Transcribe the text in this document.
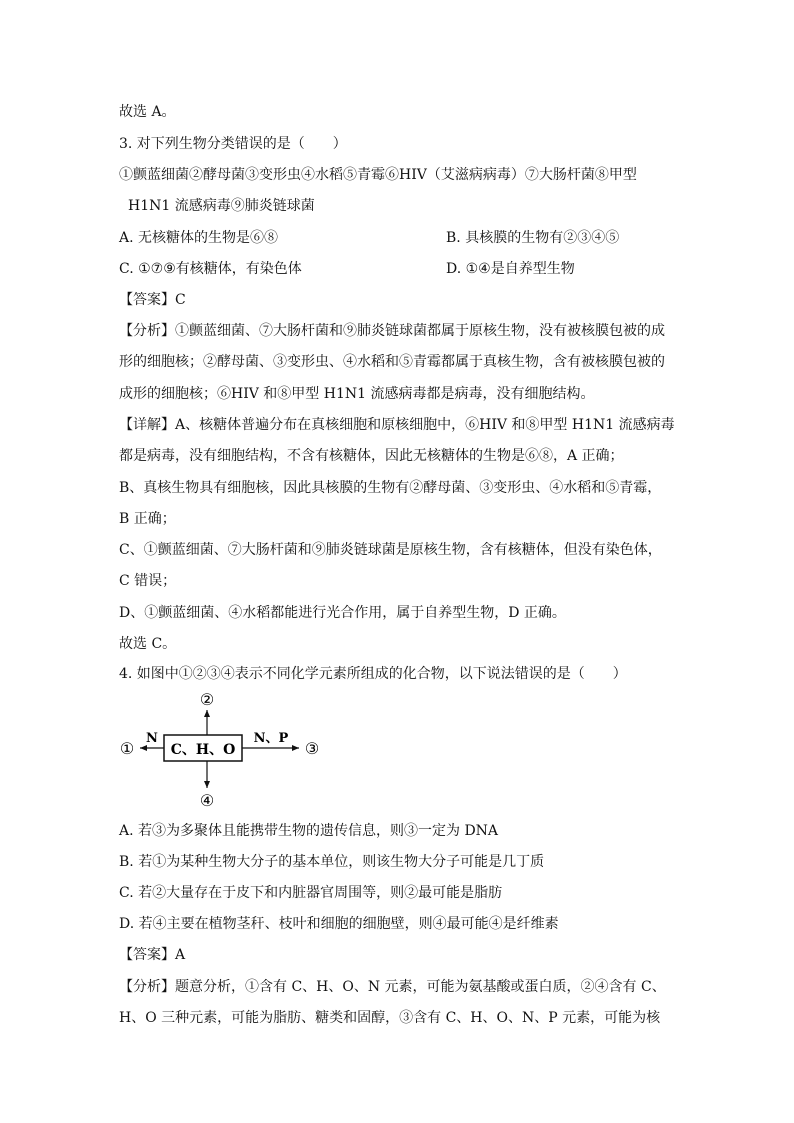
故选 A。
3. 对下列生物分类错误的是（　　）
①颤蓝细菌②酵母菌③变形虫④水稻⑤青霉⑥HIV（艾滋病病毒）⑦大肠杆菌⑧甲型
H1N1 流感病毒⑨肺炎链球菌
A. 无核糖体的生物是⑥⑧	B. 具核膜的生物有②③④⑤
C. ①⑦⑨有核糖体，有染色体	D. ①④是自养型生物
【答案】C
【分析】①颤蓝细菌、⑦大肠杆菌和⑨肺炎链球菌都属于原核生物，没有被核膜包被的成
形的细胞核；②酵母菌、③变形虫、④水稻和⑤青霉都属于真核生物，含有被核膜包被的
成形的细胞核；⑥HIV 和⑧甲型 H1N1 流感病毒都是病毒，没有细胞结构。
【详解】A、核糖体普遍分布在真核细胞和原核细胞中，⑥HIV 和⑧甲型 H1N1 流感病毒
都是病毒，没有细胞结构，不含有核糖体，因此无核糖体的生物是⑥⑧，A 正确；
B、真核生物具有细胞核，因此具核膜的生物有②酵母菌、③变形虫、④水稻和⑤青霉，
B 正确；
C、①颤蓝细菌、⑦大肠杆菌和⑨肺炎链球菌是原核生物，含有核糖体，但没有染色体，
C 错误；
D、①颤蓝细菌、④水稻都能进行光合作用，属于自养型生物，D 正确。
故选 C。
4. 如图中①②③④表示不同化学元素所组成的化合物，以下说法错误的是（　　）
C、H、O
②
④
①
N
③
N、P
A. 若③为多聚体且能携带生物的遗传信息，则③一定为 DNA
B. 若①为某种生物大分子的基本单位，则该生物大分子可能是几丁质
C. 若②大量存在于皮下和内脏器官周围等，则②最可能是脂肪
D. 若④主要在植物茎秆、枝叶和细胞的细胞壁，则④最可能④是纤维素
【答案】A
【分析】题意分析，①含有 C、H、O、N 元素，可能为氨基酸或蛋白质，②④含有 C、
H、O 三种元素，可能为脂肪、糖类和固醇，③含有 C、H、O、N、P 元素，可能为核
